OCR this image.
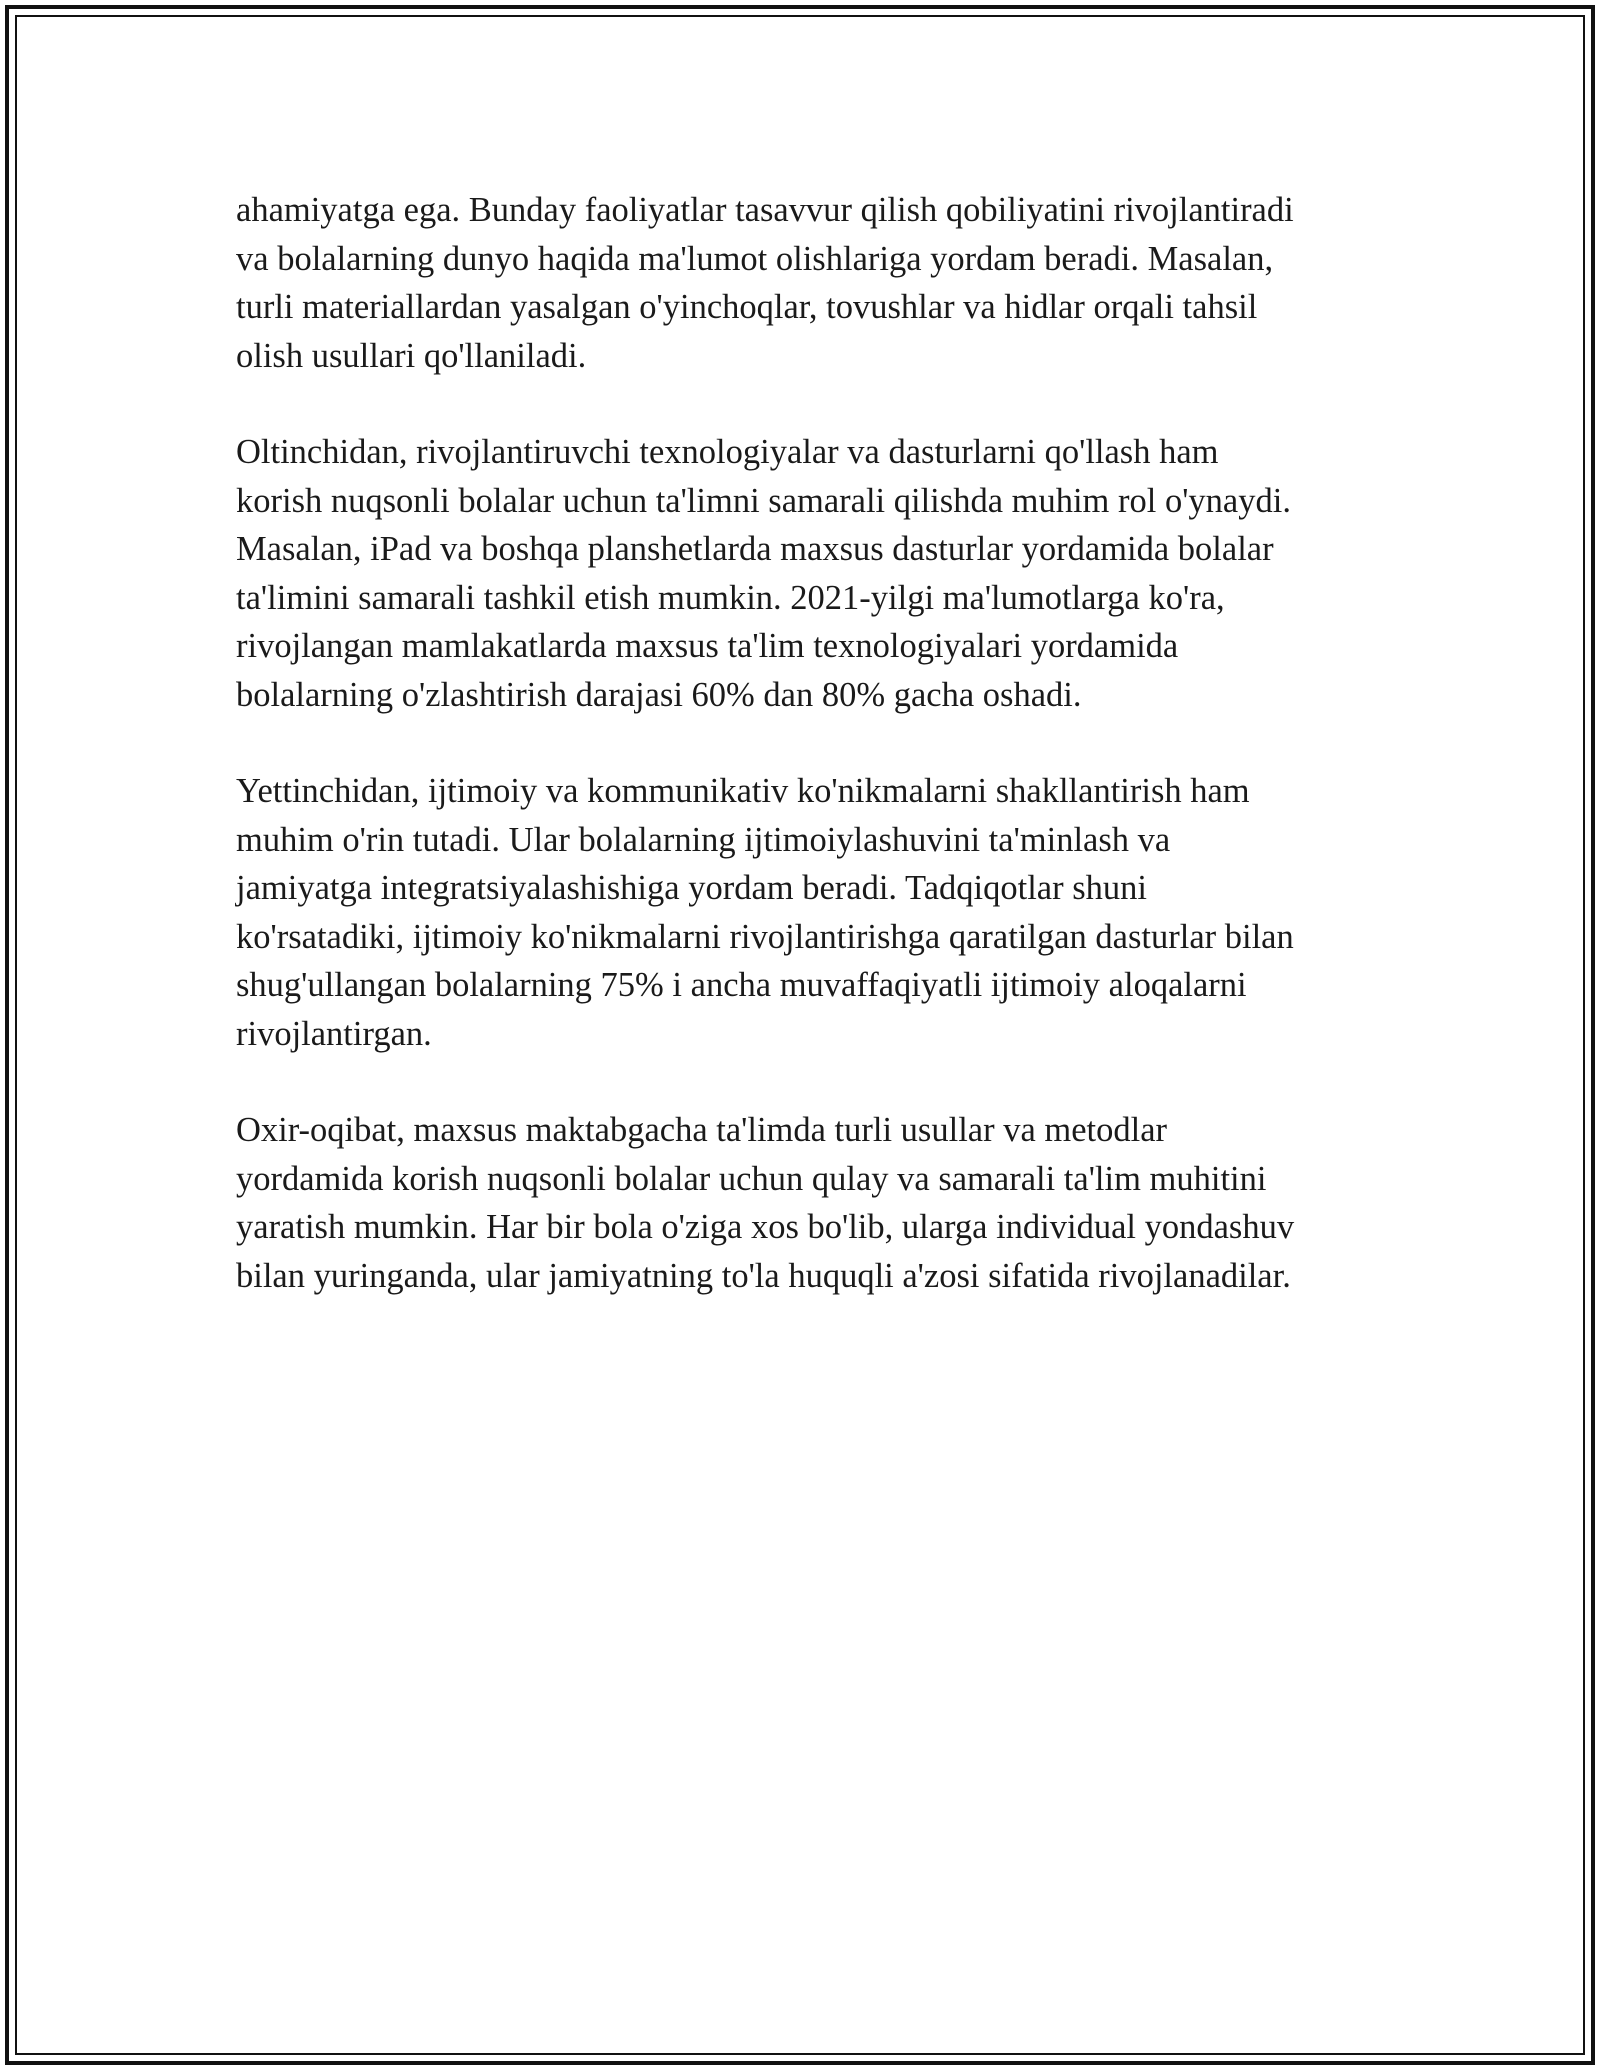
ahamiyatga ega. Bunday faoliyatlar tasavvur qilish qobiliyatini rivojlantiradi
va bolalarning dunyo haqida ma'lumot olishlariga yordam beradi. Masalan,
turli materiallardan yasalgan o'yinchoqlar, tovushlar va hidlar orqali tahsil
olish usullari qo'llaniladi.

Oltinchidan, rivojlantiruvchi texnologiyalar va dasturlarni qo'llash ham
korish nuqsonli bolalar uchun ta'limni samarali qilishda muhim rol o'ynaydi.
Masalan, iPad va boshqa planshetlarda maxsus dasturlar yordamida bolalar
ta'limini samarali tashkil etish mumkin. 2021-yilgi ma'lumotlarga ko'ra,
rivojlangan mamlakatlarda maxsus ta'lim texnologiyalari yordamida
bolalarning o'zlashtirish darajasi 60% dan 80% gacha oshadi.

Yettinchidan, ijtimoiy va kommunikativ ko'nikmalarni shakllantirish ham
muhim o'rin tutadi. Ular bolalarning ijtimoiylashuvini ta'minlash va
jamiyatga integratsiyalashishiga yordam beradi. Tadqiqotlar shuni
ko'rsatadiki, ijtimoiy ko'nikmalarni rivojlantirishga qaratilgan dasturlar bilan
shug'ullangan bolalarning 75% i ancha muvaffaqiyatli ijtimoiy aloqalarni
rivojlantirgan.

Oxir-oqibat, maxsus maktabgacha ta'limda turli usullar va metodlar
yordamida korish nuqsonli bolalar uchun qulay va samarali ta'lim muhitini
yaratish mumkin. Har bir bola o'ziga xos bo'lib, ularga individual yondashuv
bilan yuringanda, ular jamiyatning to'la huquqli a'zosi sifatida rivojlanadilar.
